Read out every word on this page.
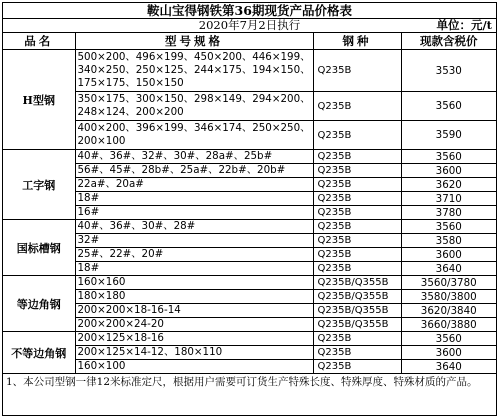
鞍山宝得钢铁第36期现货产品价格表
2020年7月2日执行	单位：元/t
品名	型号规格	钢种	现款含税价
H型钢	500×200、496×199、450×200、446×199、340×250、250×125、244×175、194×150、175×175、150×150	Q235B	3530
	350×175、300×150、298×149、294×200、248×124、200×200	Q235B	3560
	400×200、396×199、346×174、250×250、200×100	Q235B	3590
工字钢	40#、36#、32#、30#、28a#、25b#	Q235B	3560
	56#、45#、28b#、25a#、22b#、20b#	Q235B	3600
	22a#、20a#	Q235B	3620
	18#	Q235B	3710
	16#	Q235B	3780
国标槽钢	40#、36#、30#、28#	Q235B	3560
	32#	Q235B	3580
	25#、22#、20#	Q235B	3600
	18#	Q235B	3640
等边角钢	160×160	Q235B/Q355B	3560/3780
	180×180	Q235B/Q355B	3580/3800
	200×200×18-16-14	Q235B/Q355B	3620/3840
	200×200×24-20	Q235B/Q355B	3660/3880
不等边角钢	200×125×18-16	Q235B	3560
	200×125×14-12、180×110	Q235B	3600
	160×100	Q235B	3640
1、本公司型钢一律12米标准定尺，根据用户需要可订货生产特殊长度、特殊厚度、特殊材质的产品。			
